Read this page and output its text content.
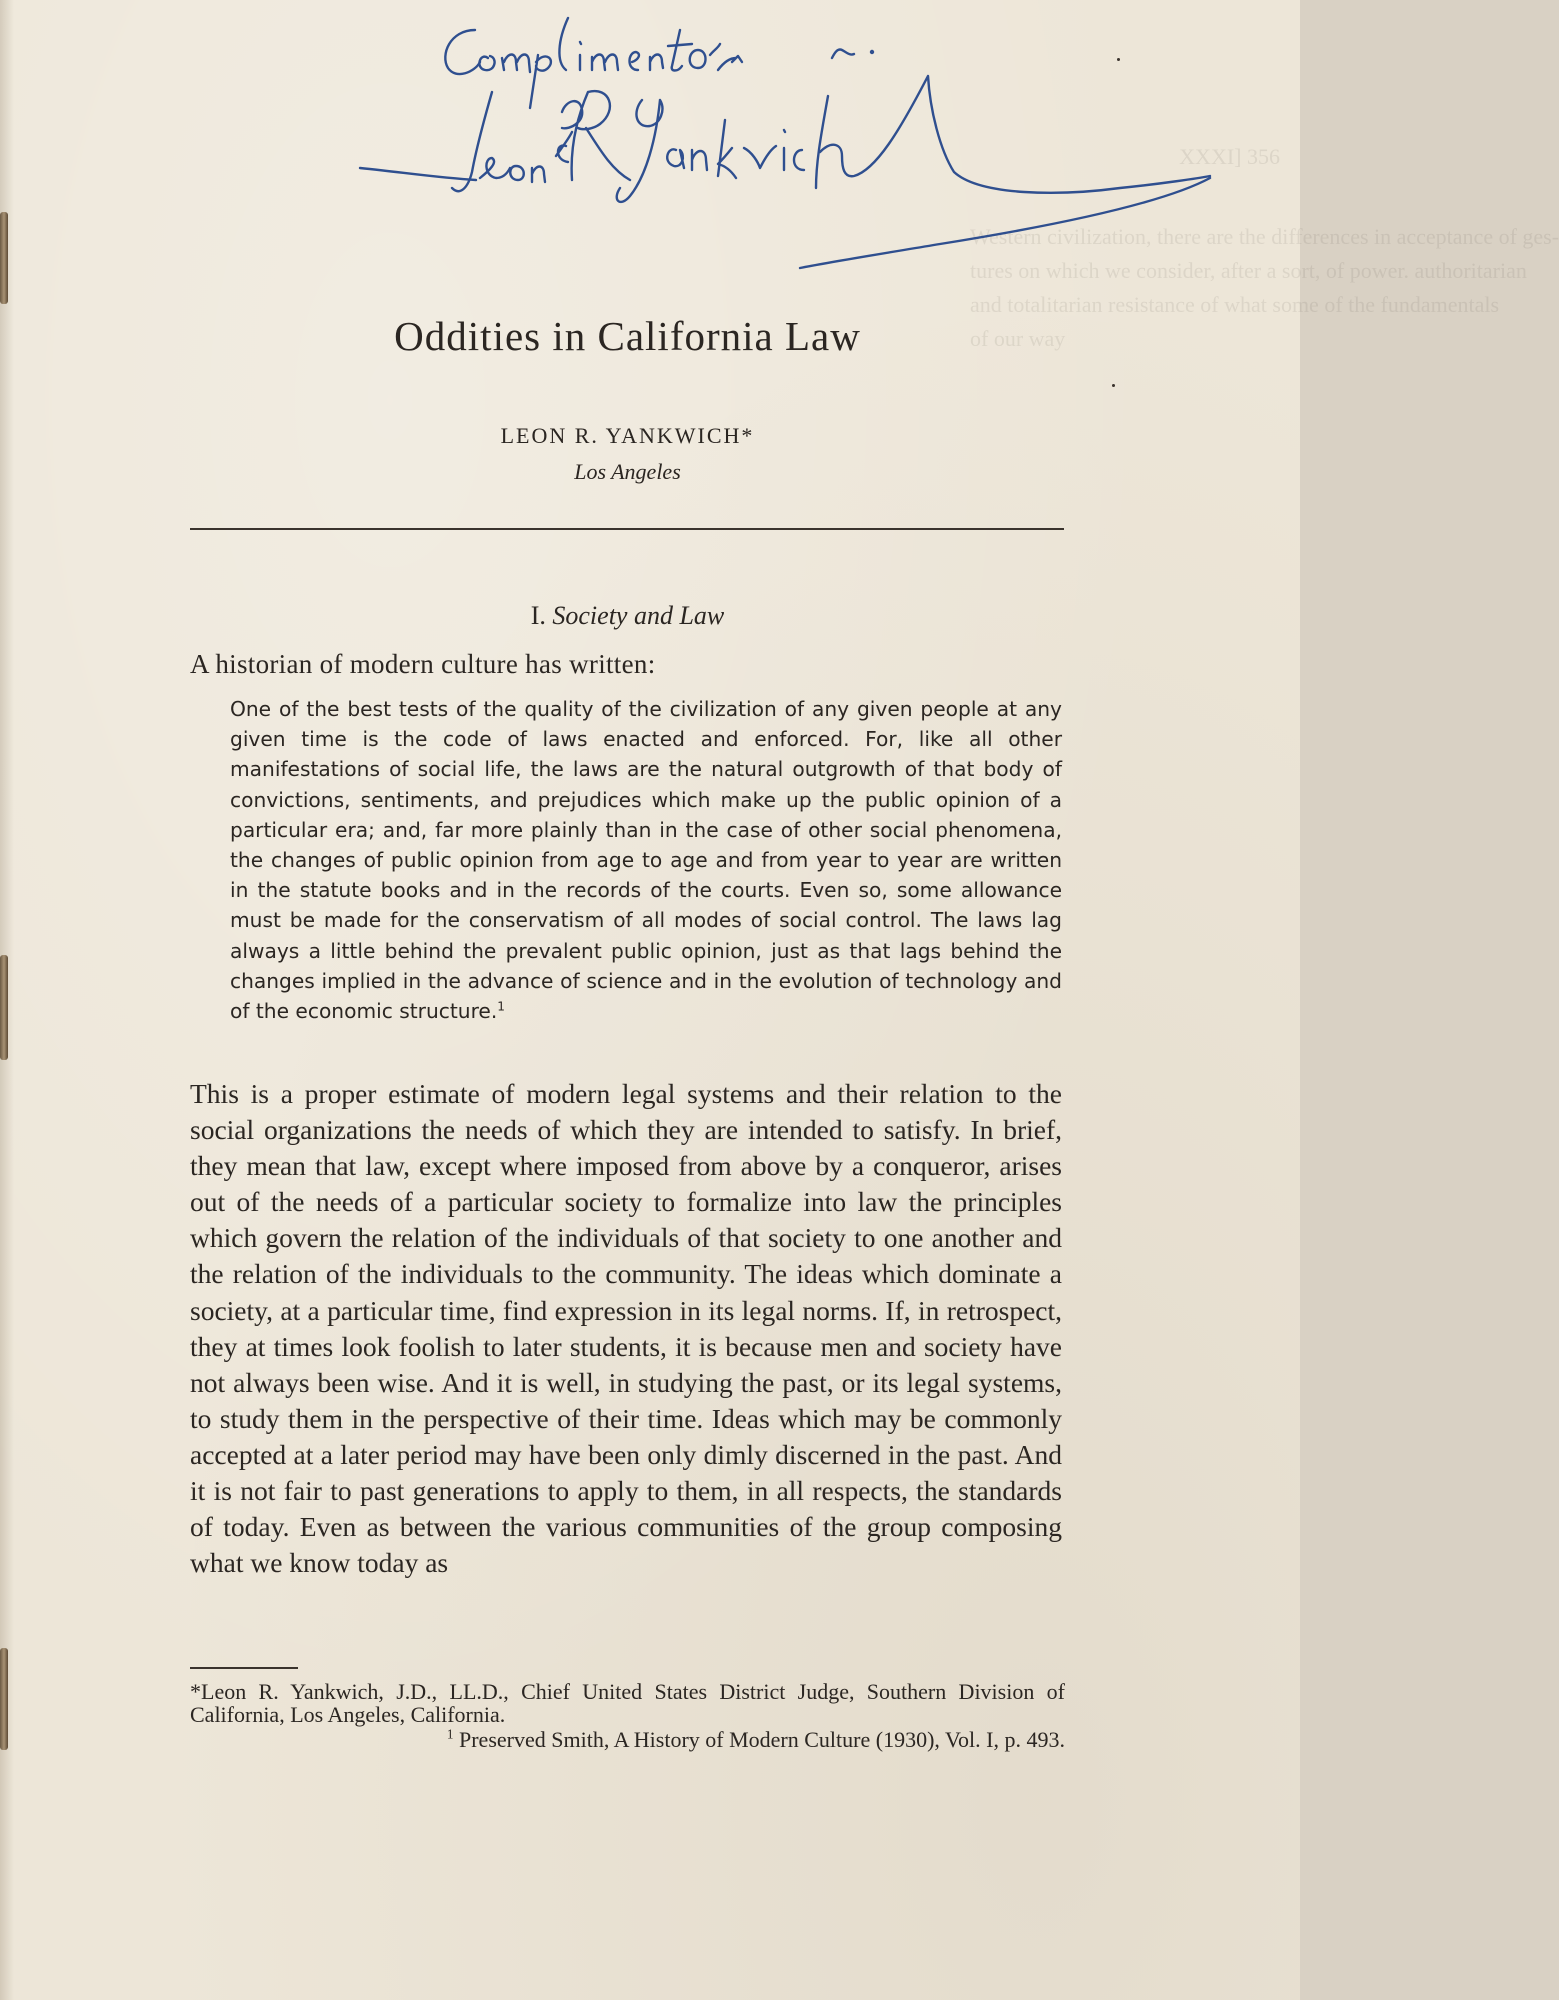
XXXI] 356
Western civilization, there are the differences in acceptance of ges-
tures on which we consider, after a sort, of power. authoritarian
and totalitarian resistance of what some of the fundamentals
of our way
Oddities in California Law
LEON R. YANKWICH*
Los Angeles
I. Society and Law
A historian of modern culture has written:
One of the best tests of the quality of the civilization of any given people at any given time is the code of laws enacted and enforced. For, like all other manifestations of social life, the laws are the natural outgrowth of that body of convictions, sentiments, and prejudices which make up the public opinion of a particular era; and, far more plainly than in the case of other social phenomena, the changes of public opinion from age to age and from year to year are written in the statute books and in the records of the courts. Even so, some allowance must be made for the conservatism of all modes of social control. The laws lag always a little behind the prevalent public opinion, just as that lags behind the changes implied in the advance of science and in the evolution of technology and of the economic structure.$^1$
This is a proper estimate of modern legal systems and their relation to the social organizations the needs of which they are intended to satisfy. In brief, they mean that law, except where imposed from above by a conqueror, arises out of the needs of a particular society to formalize into law the principles which govern the relation of the individuals of that society to one another and the relation of the individuals to the community. The ideas which dominate a society, at a particular time, find expression in its legal norms. If, in retrospect, they at times look foolish to later students, it is because men and society have not always been wise. And it is well, in studying the past, or its legal systems, to study them in the perspective of their time. Ideas which may be commonly accepted at a later period may have been only dimly discerned in the past. And it is not fair to past generations to apply to them, in all respects, the standards of today. Even as between the various communities of the group composing what we know today as
*Leon R. Yankwich, J.D., LL.D., Chief United States District Judge, Southern Division of California, Los Angeles, California.
$^1$ Preserved Smith, A History of Modern Culture (1930), Vol. I, p. 493.
